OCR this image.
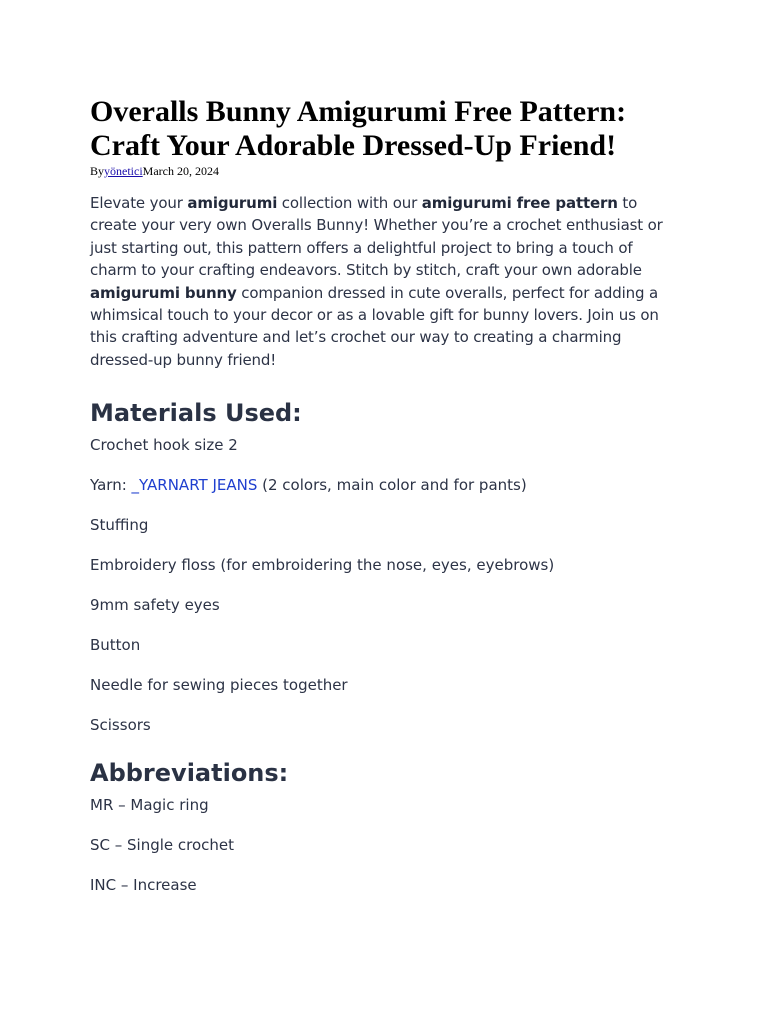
Overalls Bunny Amigurumi Free Pattern:
Craft Your Adorable Dressed-Up Friend!
ByyöneticiMarch 20, 2024

Elevate your amigurumi collection with our amigurumi free pattern to create your very own Overalls Bunny! Whether you’re a crochet enthusiast or just starting out, this pattern offers a delightful project to bring a touch of charm to your crafting endeavors. Stitch by stitch, craft your own adorable amigurumi bunny companion dressed in cute overalls, perfect for adding a whimsical touch to your decor or as a lovable gift for bunny lovers. Join us on this crafting adventure and let’s crochet our way to creating a charming dressed-up bunny friend!

Materials Used:

Crochet hook size 2

Yarn: _YARNART JEANS (2 colors, main color and for pants)

Stuffing

Embroidery floss (for embroidering the nose, eyes, eyebrows)

9mm safety eyes

Button

Needle for sewing pieces together

Scissors

Abbreviations:

MR – Magic ring

SC – Single crochet

INC – Increase
